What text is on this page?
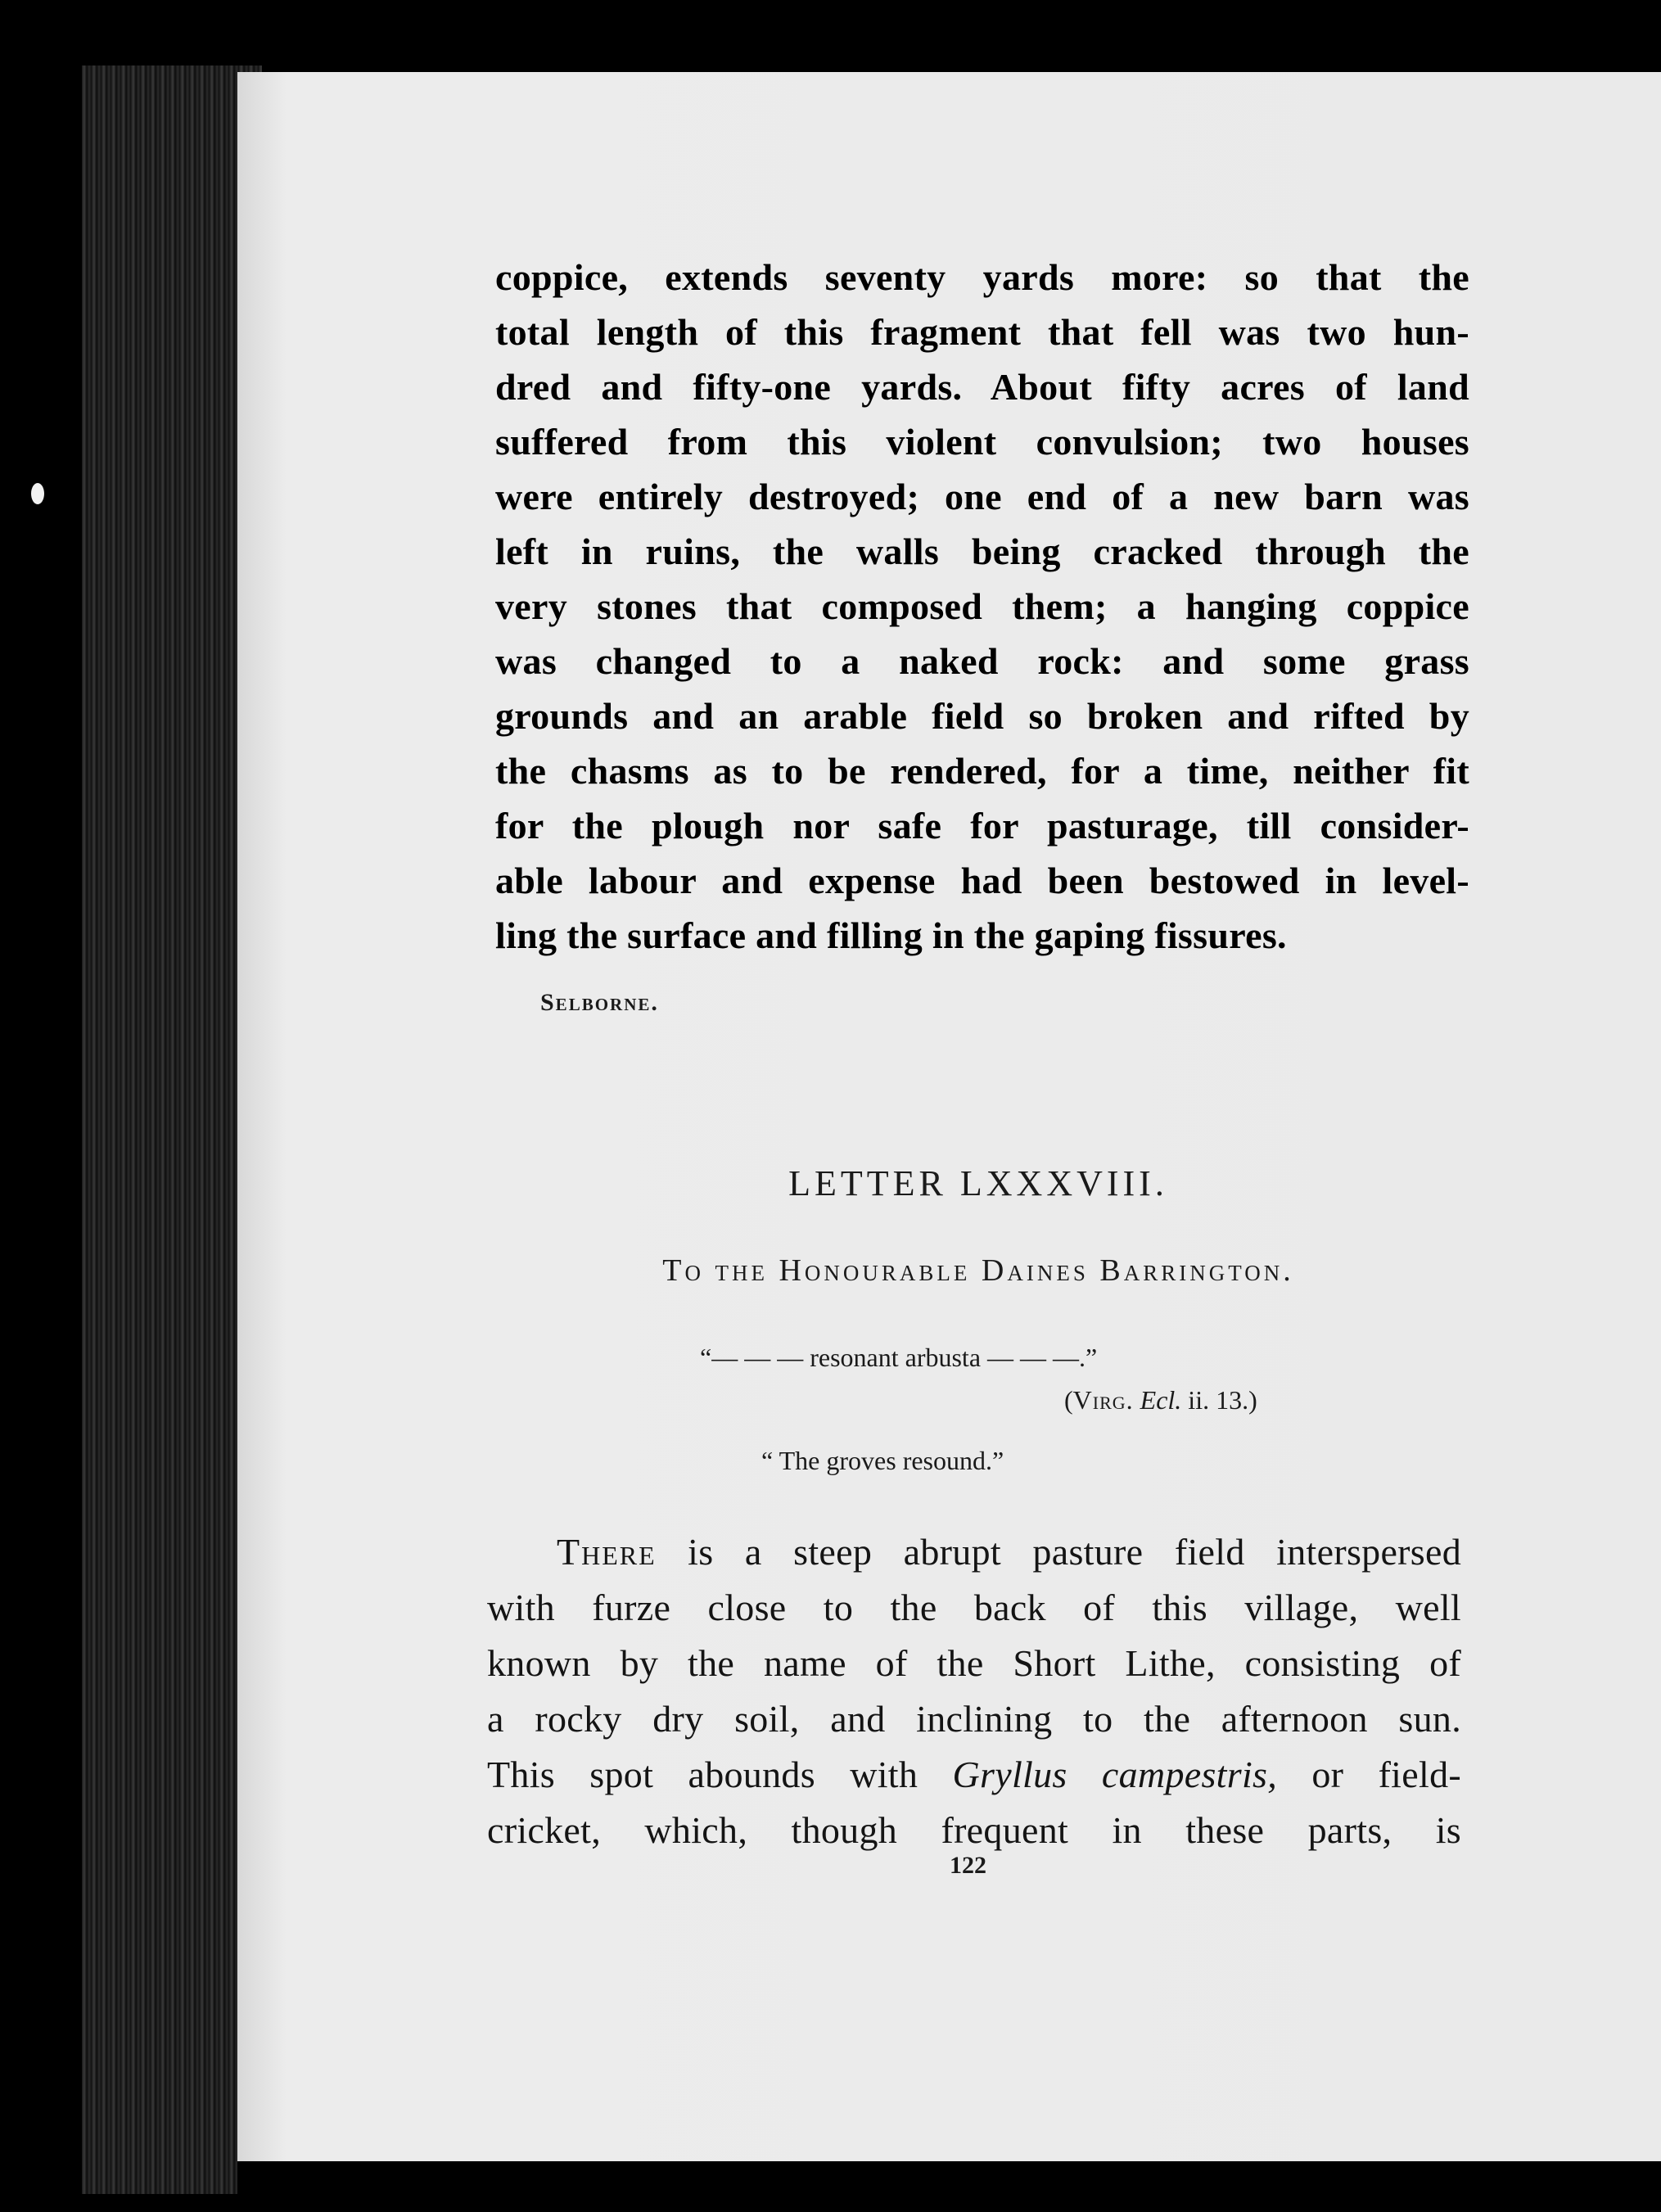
coppice, extends seventy yards more: so that the
total length of this fragment that fell was two hun-
dred and fifty-one yards. About fifty acres of land
suffered from this violent convulsion; two houses
were entirely destroyed; one end of a new barn was
left in ruins, the walls being cracked through the
very stones that composed them; a hanging coppice
was changed to a naked rock: and some grass
grounds and an arable field so broken and rifted by
the chasms as to be rendered, for a time, neither fit
for the plough nor safe for pasturage, till consider-
able labour and expense had been bestowed in level-
ling the surface and filling in the gaping fissures.
Selborne.
LETTER LXXXVIII.
To the Honourable Daines Barrington.
“— — — resonant arbusta — — —.”
(Virg. Ecl. ii. 13.)
“ The groves resound.”
There is a steep abrupt pasture field interspersed
with furze close to the back of this village, well
known by the name of the Short Lithe, consisting of
a rocky dry soil, and inclining to the afternoon sun.
This spot abounds with Gryllus campestris, or field-
cricket, which, though frequent in these parts, is
122
